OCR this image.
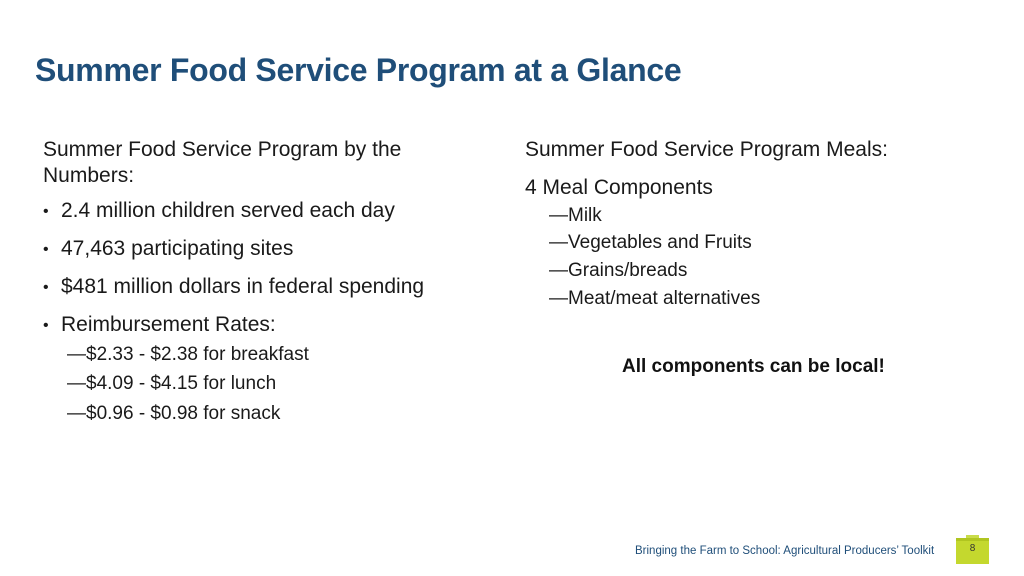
Summer Food Service Program at a Glance
Summer Food Service Program by the Numbers:
• 2.4 million children served each day
• 47,463 participating sites
• $481 million dollars in federal spending
• Reimbursement Rates:
—$2.33 - $2.38 for breakfast
—$4.09 - $4.15 for lunch
—$0.96 - $0.98 for snack
Summer Food Service Program Meals:
4 Meal Components
—Milk
—Vegetables and Fruits
—Grains/breads
—Meat/meat alternatives
All components can be local!
Bringing the Farm to School: Agricultural Producers’ Toolkit	8
